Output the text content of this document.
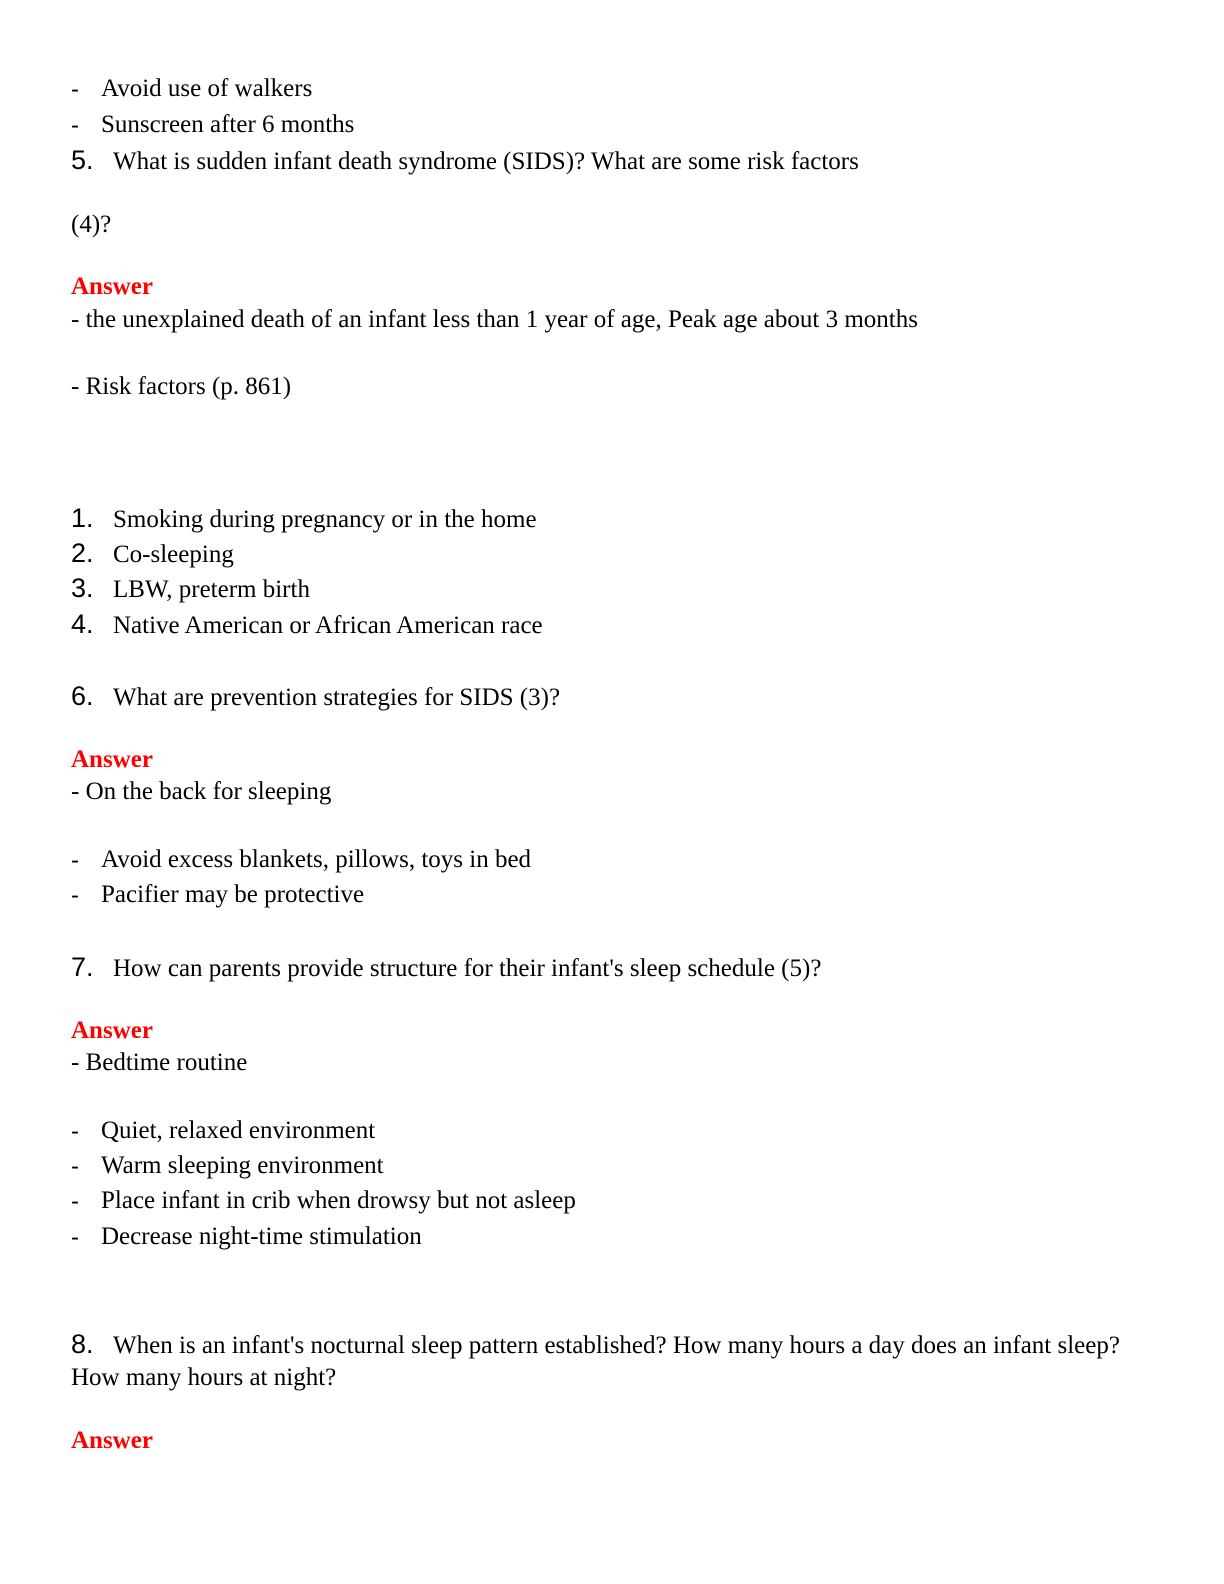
- Avoid use of walkers
- Sunscreen after 6 months
5. What is sudden infant death syndrome (SIDS)? What are some risk factors
(4)?
Answer
- the unexplained death of an infant less than 1 year of age, Peak age about 3 months
- Risk factors (p. 861)
1. Smoking during pregnancy or in the home
2. Co-sleeping
3. LBW, preterm birth
4. Native American or African American race
6. What are prevention strategies for SIDS (3)?
Answer
- On the back for sleeping
- Avoid excess blankets, pillows, toys in bed
- Pacifier may be protective
7. How can parents provide structure for their infant's sleep schedule (5)?
Answer
- Bedtime routine
- Quiet, relaxed environment
- Warm sleeping environment
- Place infant in crib when drowsy but not asleep
- Decrease night-time stimulation
8. When is an infant's nocturnal sleep pattern established? How many hours a day does an infant sleep? How many hours at night?
Answer
